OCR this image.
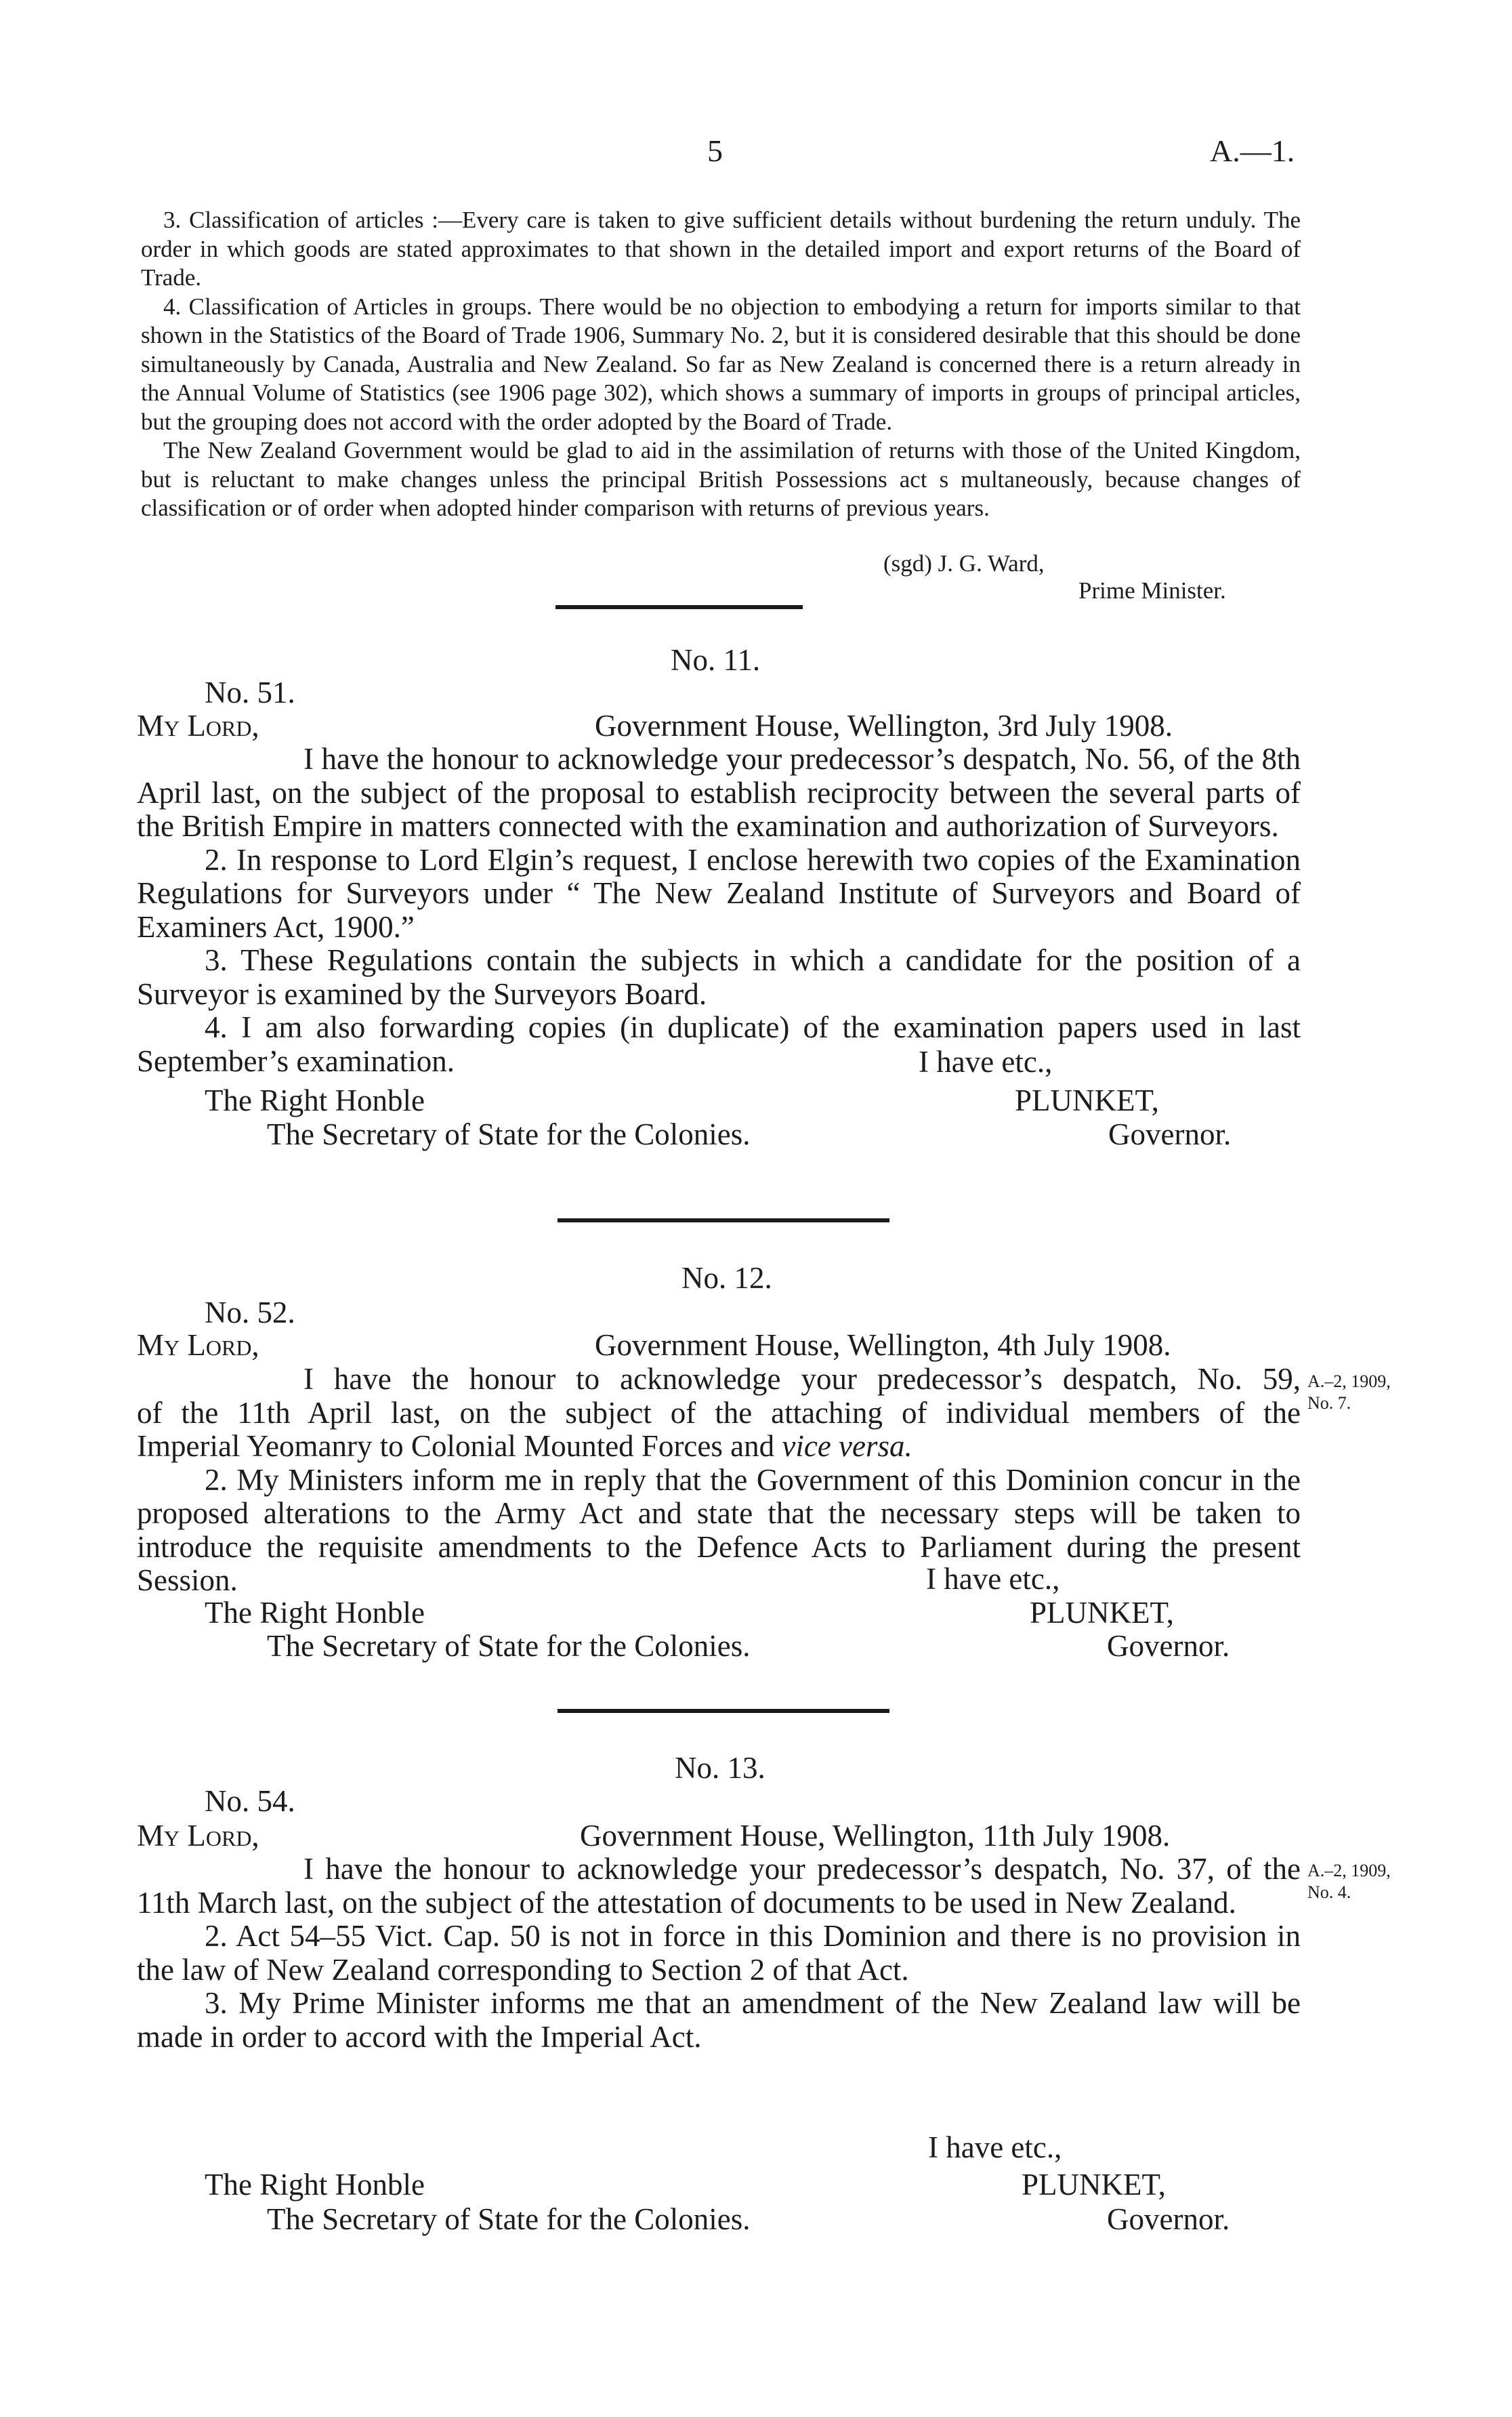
5	A.—1.

3. Classification of articles :—Every care is taken to give sufficient details without burdening the return unduly. The order in which goods are stated approximates to that shown in the detailed import and export returns of the Board of Trade.

4. Classification of Articles in groups. There would be no objection to embodying a return for imports similar to that shown in the Statistics of the Board of Trade 1906, Summary No. 2, but it is considered desirable that this should be done simultaneously by Canada, Australia and New Zealand. So far as New Zealand is concerned there is a return already in the Annual Volume of Statistics (see 1906 page 302), which shows a summary of imports in groups of principal articles, but the grouping does not accord with the order adopted by the Board of Trade.

The New Zealand Government would be glad to aid in the assimilation of returns with those of the United Kingdom, but is reluctant to make changes unless the principal British Possessions act s multaneously, because changes of classification or of order when adopted hinder comparison with returns of previous years.

(sgd) J. G. Ward,
Prime Minister.
No. 11.
No. 51.
My Lord,	Government House, Wellington, 3rd July 1908.

I have the honour to acknowledge your predecessor’s despatch, No. 56, of the 8th April last, on the subject of the proposal to establish reciprocity between the several parts of the British Empire in matters connected with the examination and authorization of Surveyors.

2. In response to Lord Elgin’s request, I enclose herewith two copies of the Examination Regulations for Surveyors under “ The New Zealand Institute of Surveyors and Board of Examiners Act, 1900.”

3. These Regulations contain the subjects in which a candidate for the position of a Surveyor is examined by the Surveyors Board.

4. I am also forwarding copies (in duplicate) of the examination papers used in last September’s examination.	I have etc.,
The Right Honble	PLUNKET,
The Secretary of State for the Colonies.	Governor.
No. 12.
No. 52.
My Lord,	Government House, Wellington, 4th July 1908.

I have the honour to acknowledge your predecessor’s despatch, No. 59,
of the 11th April last, on the subject of the attaching of individual members of the
Imperial Yeomanry to Colonial Mounted Forces and vice versa.

2. My Ministers inform me in reply that the Government of this Dominion concur in the proposed alterations to the Army Act and state that the necessary steps will be taken to introduce the requisite amendments to the Defence Acts to Parliament during the present Session.

A.–2, 1909,
No. 7.
I have etc.,
The Right Honble	PLUNKET,
The Secretary of State for the Colonies.	Governor.
No. 13.
No. 54.
My Lord,	Government House, Wellington, 11th July 1908.

I have the honour to acknowledge your predecessor’s despatch, No. 37, of the 11th March last, on the subject of the attestation of documents to be used in New Zealand.

2. Act 54–55 Vict. Cap. 50 is not in force in this Dominion and there is no provision in the law of New Zealand corresponding to Section 2 of that Act.

3. My Prime Minister informs me that an amendment of the New Zealand law will be made in order to accord with the Imperial Act.

A.–2, 1909,
No. 4.
I have etc.,
The Right Honble	PLUNKET,
The Secretary of State for the Colonies.	Governor.
